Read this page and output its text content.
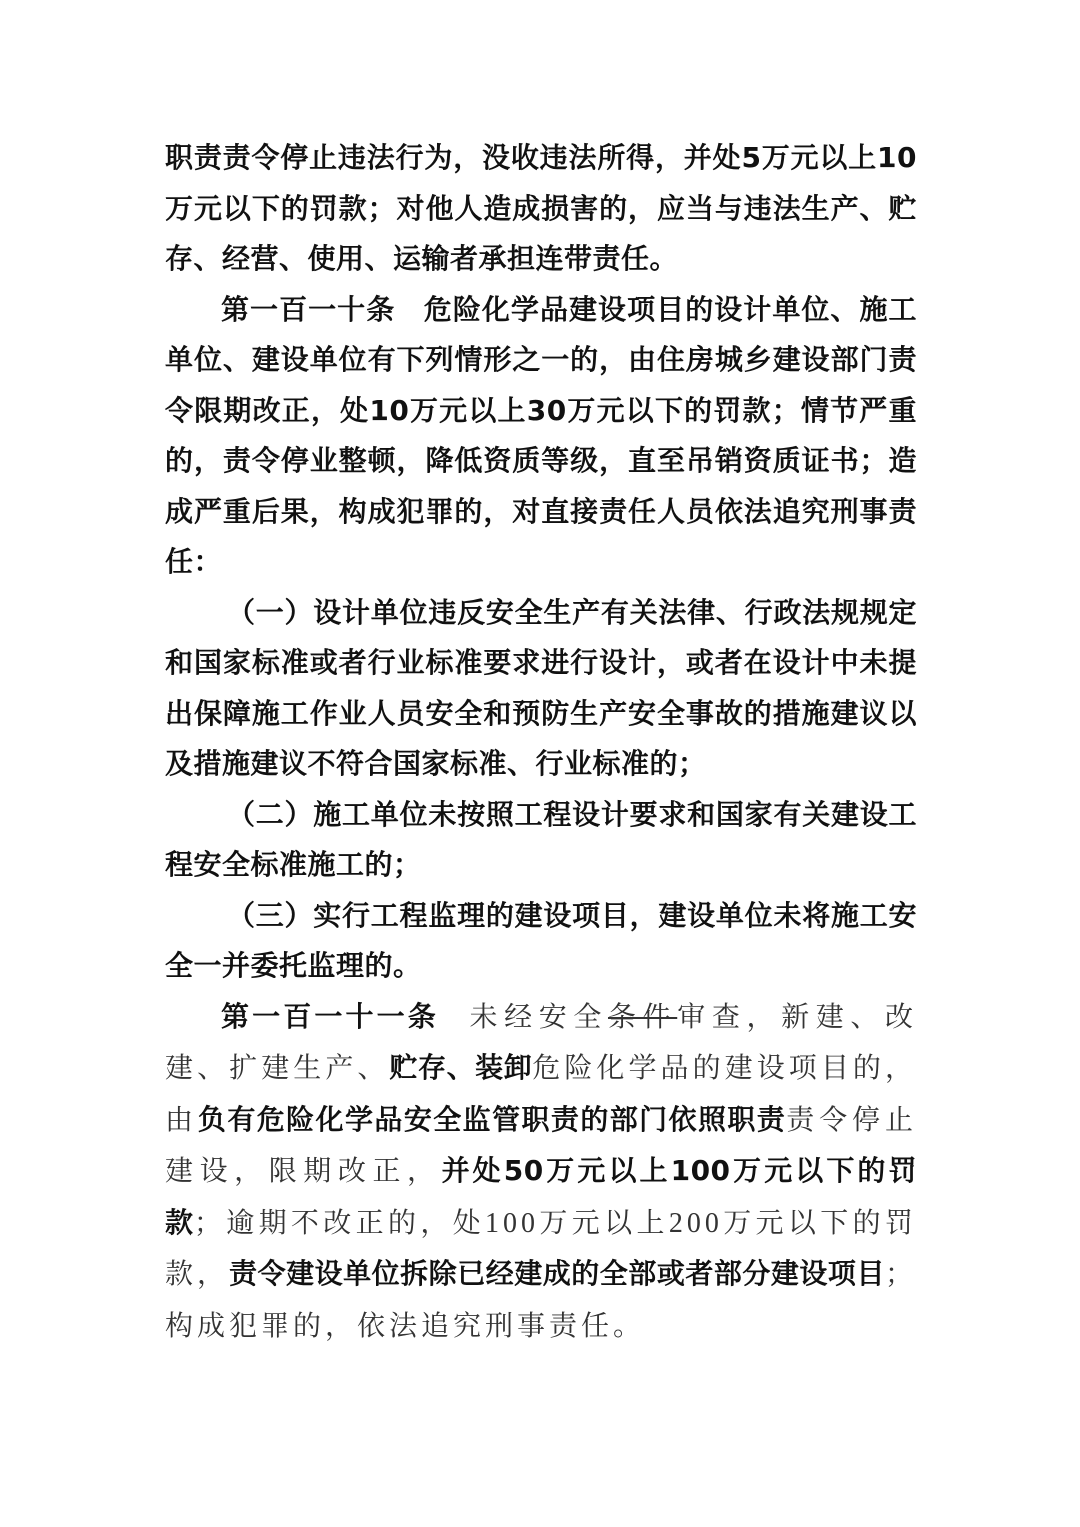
职责责令停止违法行为，没收违法所得，并处5万元以上10万元以下的罚款；对他人造成损害的，应当与违法生产、贮存、经营、使用、运输者承担连带责任。

第一百一十条 危险化学品建设项目的设计单位、施工单位、建设单位有下列情形之一的，由住房城乡建设部门责令限期改正，处10万元以上30万元以下的罚款；情节严重的，责令停业整顿，降低资质等级，直至吊销资质证书；造成严重后果，构成犯罪的，对直接责任人员依法追究刑事责任：

（一）设计单位违反安全生产有关法律、行政法规规定和国家标准或者行业标准要求进行设计，或者在设计中未提出保障施工作业人员安全和预防生产安全事故的措施建议以及措施建议不符合国家标准、行业标准的；

（二）施工单位未按照工程设计要求和国家有关建设工程安全标准施工的；

（三）实行工程监理的建设项目，建设单位未将施工安全一并委托监理的。

第一百一十一条 未经安全条件审查，新建、改建、扩建生产、贮存、装卸危险化学品的建设项目的，由负有危险化学品安全监管职责的部门依照职责责令停止建设，限期改正，并处50万元以上100万元以下的罚款；逾期不改正的，处100万元以上200万元以下的罚款，责令建设单位拆除已经建成的全部或者部分建设项目；构成犯罪的，依法追究刑事责任。
